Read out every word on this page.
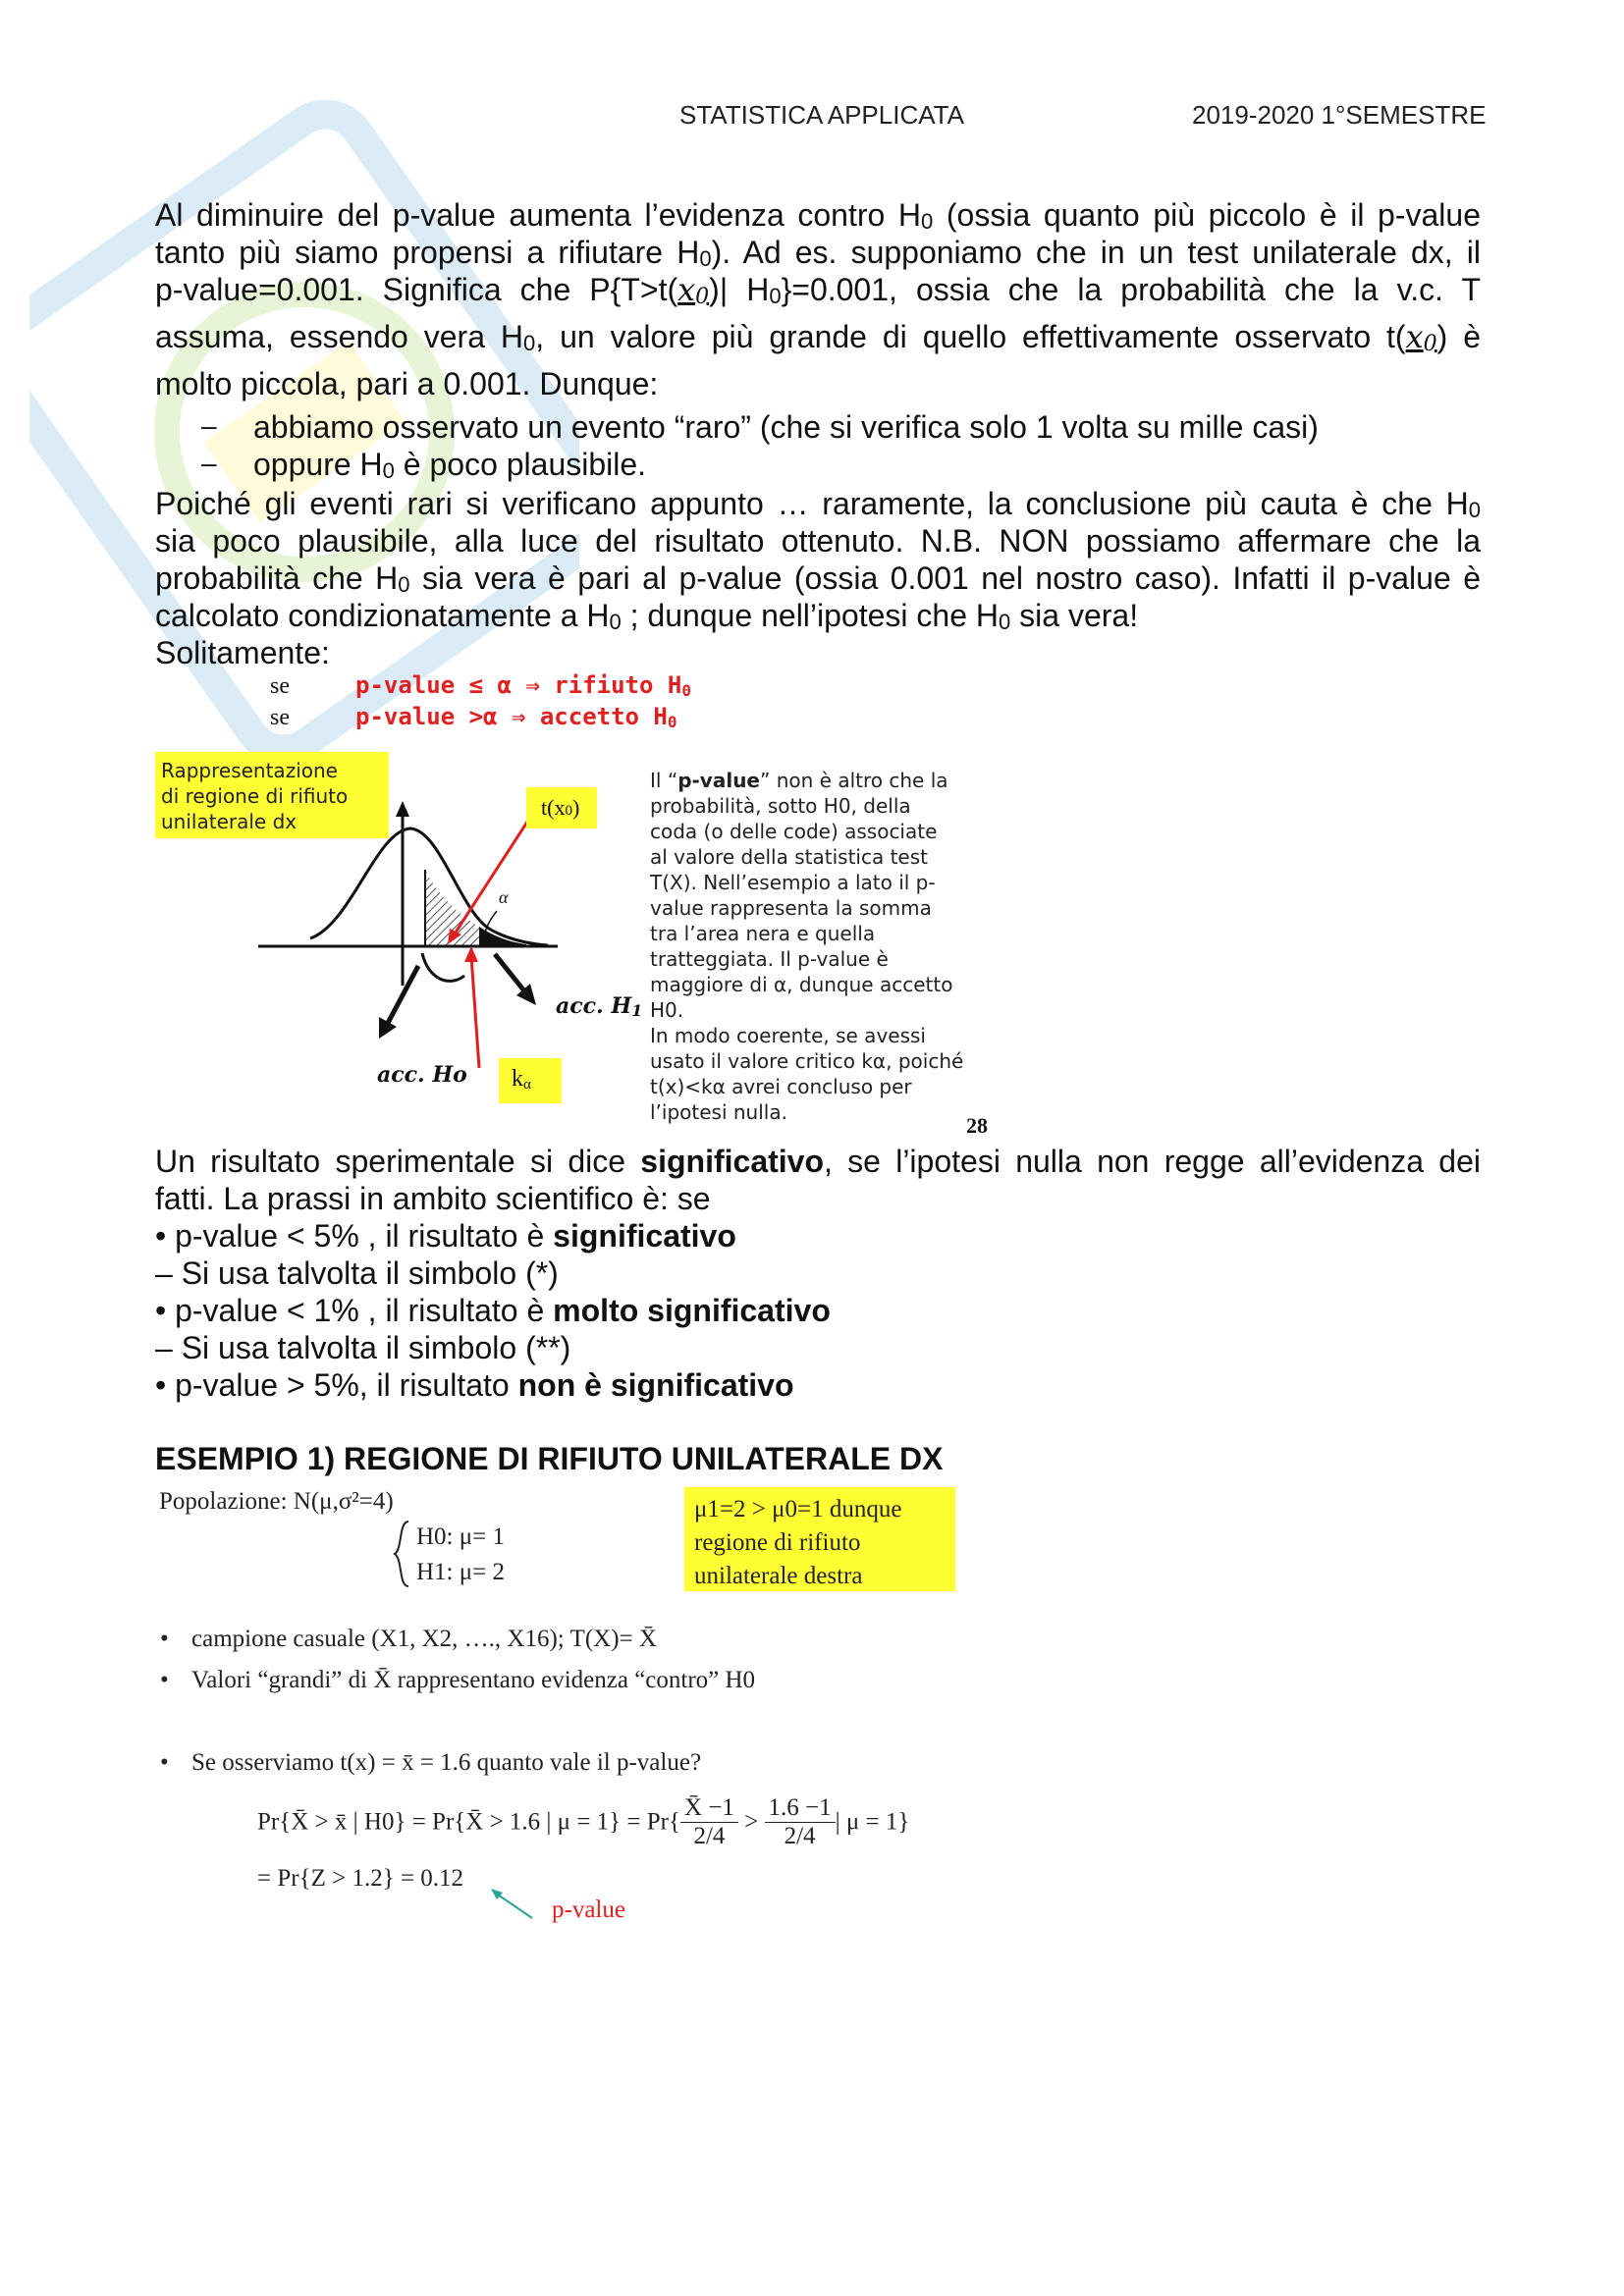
STATISTICA APPLICATA	2019-2020 1°SEMESTRE
Al diminuire del p-value aumenta l’evidenza contro H0 (ossia quanto più piccolo è il p-value
tanto più siamo propensi a rifiutare H0). Ad es. supponiamo che in un test unilaterale dx, il
p-value=0.001. Significa che P{T>t(x0)| H0}=0.001, ossia che la probabilità che la v.c. T
assuma, essendo vera H0, un valore più grande di quello effettivamente osservato t(x0) è
molto piccola, pari a 0.001. Dunque:
– abbiamo osservato un evento “raro” (che si verifica solo 1 volta su mille casi)
– oppure H0 è poco plausibile.
Poiché gli eventi rari si verificano appunto … raramente, la conclusione più cauta è che H0
sia poco plausibile, alla luce del risultato ottenuto. N.B. NON possiamo affermare che la
probabilità che H0 sia vera è pari al p-value (ossia 0.001 nel nostro caso). Infatti il p-value è
calcolato condizionatamente a H0 ; dunque nell’ipotesi che H0 sia vera!
Solitamente:
se	p-value ≤ α ⇒ rifiuto H0
se	p-value >α ⇒ accetto H0
Rappresentazione
di regione di rifiuto
unilaterale dx
t(x0)
$k_\alpha$
α
acc. Ho
acc. H1
Il “p-value” non è altro che la
probabilità, sotto H0, della
coda (o delle code) associate
al valore della statistica test
T(X). Nell’esempio a lato il p-
value rappresenta la somma
tra l’area nera e quella
tratteggiata. Il p-value è
maggiore di α, dunque accetto
H0.
In modo coerente, se avessi
usato il valore critico kα, poiché
t(x)<kα avrei concluso per
l’ipotesi nulla.
28
Un risultato sperimentale si dice significativo, se l’ipotesi nulla non regge all’evidenza dei
fatti. La prassi in ambito scientifico è: se
• p-value < 5% , il risultato è significativo
– Si usa talvolta il simbolo (*)
• p-value < 1% , il risultato è molto significativo
– Si usa talvolta il simbolo (**)
• p-value > 5%, il risultato non è significativo
ESEMPIO 1) REGIONE DI RIFIUTO UNILATERALE DX
Popolazione: N(μ,σ²=4)
H0: μ= 1
H1: μ= 2
μ1=2 > μ0=1 dunque
regione di rifiuto
unilaterale destra
• campione casuale (X1, X2, …., X16); T(X)= X̄
• Valori “grandi” di X̄ rappresentano evidenza “contro” H0
• Se osserviamo t(x) = x̄ = 1.6 quanto vale il p-value?
Pr{X̄ > x̄ | H0} = Pr{X̄ > 1.6 | $\mu = 1\} = Pr\{ \frac{X̄ -1}{2/4} > \frac{1.6 -1}{2/4}$ | μ = 1}
= Pr{Z > 1.2} = 0.12
p-value
